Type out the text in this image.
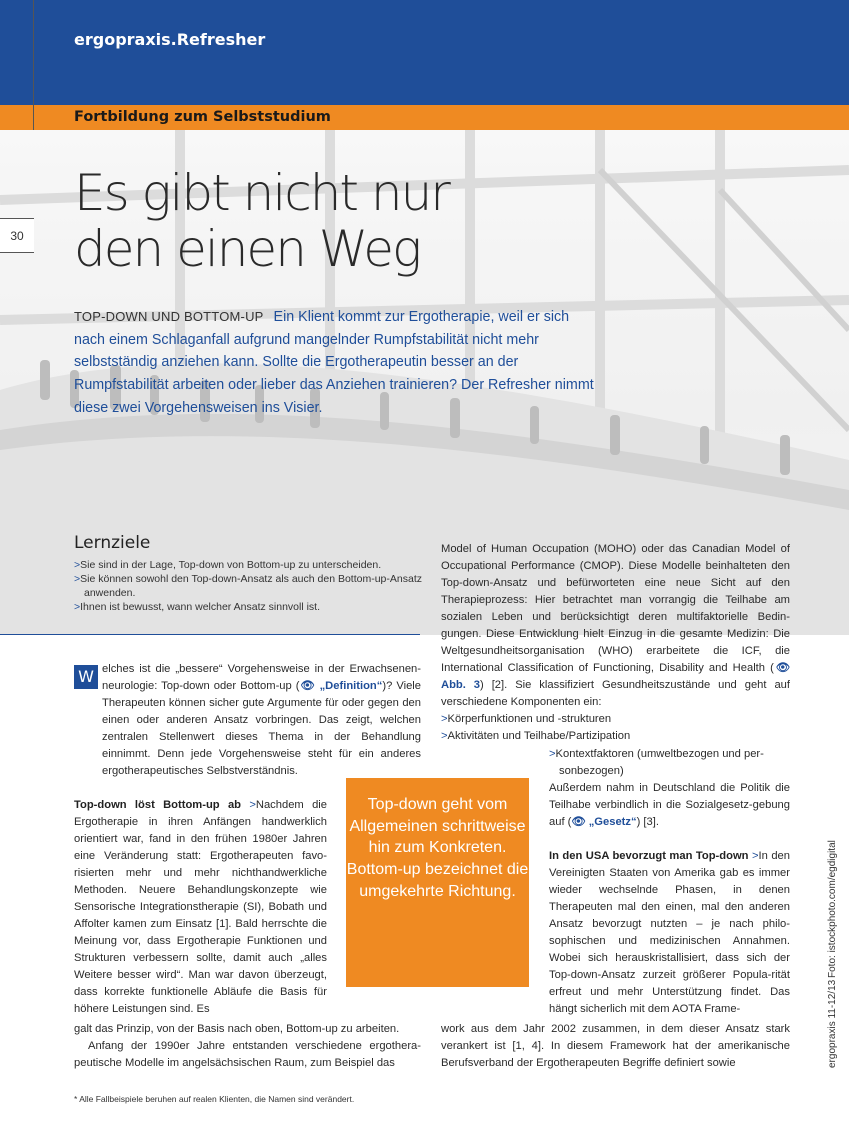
ergopraxis.Refresher
Fortbildung zum Selbststudium
30
Es gibt nicht nur
den einen Weg
TOP-DOWN UND BOTTOM-UP Ein Klient kommt zur Ergotherapie, weil er sich nach einem Schlaganfall aufgrund mangelnder Rumpfstabilität nicht mehr selbstständig anziehen kann. Sollte die Ergotherapeutin besser an der Rumpfstabilität arbeiten oder lieber das Anziehen trainieren? Der Refresher nimmt diese zwei Vorgehensweisen ins Visier.
Lernziele
>Sie sind in der Lage, Top-down von Bottom-up zu unterscheiden.
>Sie können sowohl den Top-down-Ansatz als auch den Bottom-up-Ansatz anwenden.
>Ihnen ist bewusst, wann welcher Ansatz sinnvoll ist.
W elches ist die „bessere“ Vorgehensweise in der Erwachsenen-neurologie: Top-down oder Bottom-up (👁 „Definition“)? Viele Therapeuten können sicher gute Argumente für oder gegen den einen oder anderen Ansatz vorbringen. Das zeigt, welchen zentralen Stellenwert dieses Thema in der Behandlung einnimmt. Denn jede Vorgehensweise steht für ein anderes ergotherapeutisches Selbstverständnis.

Top-down löst Bottom-up ab >Nachdem die Ergotherapie in ihren Anfängen handwerklich orientiert war, fand in den frühen 1980er Jahren eine Veränderung statt: Ergotherapeuten favo-risierten mehr und mehr nichthandwerkliche Methoden. Neuere Behandlungskonzepte wie Sensorische Integrationstherapie (SI), Bobath und Affolter kamen zum Einsatz [1]. Bald herrschte die Meinung vor, dass Ergotherapie Funktionen und Strukturen verbessern sollte, damit auch „alles Weitere besser wird“. Man war davon überzeugt, dass korrekte funktionelle Abläufe die Basis für höhere Leistungen sind. Es

galt das Prinzip, von der Basis nach oben, Bottom-up zu arbeiten.

Anfang der 1990er Jahre entstanden verschiedene ergothera-peutische Modelle im angelsächsischen Raum, zum Beispiel das

Top-down geht vom Allgemeinen schrittweise hin zum Konkreten. Bottom-up bezeichnet die umgekehrte Richtung.

Model of Human Occupation (MOHO) oder das Canadian Model of Occupational Performance (CMOP). Diese Modelle beinhalteten den Top-down-Ansatz und befürworteten eine neue Sicht auf den Therapieprozess: Hier betrachtet man vorrangig die Teilhabe am sozialen Leben und berücksichtigt deren multifaktorielle Bedin-gungen. Diese Entwicklung hielt Einzug in die gesamte Medizin: Die Weltgesundheitsorganisation (WHO) erarbeitete die ICF, die International Classification of Functioning, Disability and Health (👁 Abb. 3) [2]. Sie klassifiziert Gesundheitszustände und geht auf verschiedene Komponenten ein:

>Körperfunktionen und -strukturen

>Aktivitäten und Teilhabe/Partizipation

>Kontextfaktoren (umweltbezogen und per-sonbezogen)

Außerdem nahm in Deutschland die Politik die Teilhabe verbindlich in die Sozialgesetz-gebung auf (👁 „Gesetz“) [3].

In den USA bevorzugt man Top-down >In den Vereinigten Staaten von Amerika gab es immer wieder wechselnde Phasen, in denen Therapeuten mal den einen, mal den anderen Ansatz bevorzugt nutzten – je nach philo-sophischen und medizinischen Annahmen. Wobei sich herauskristallisiert, dass sich der Top-down-Ansatz zurzeit größerer Popula-rität erfreut und mehr Unterstützung findet. Das hängt sicherlich mit dem AOTA Frame-

work aus dem Jahr 2002 zusammen, in dem dieser Ansatz stark verankert ist [1, 4]. In diesem Framework hat der amerikanische Berufsverband der Ergotherapeuten Begriffe definiert sowie	ergopraxis 11-12/13
Foto: istockphoto.com/egdigital
* Alle Fallbeispiele beruhen auf realen Klienten, die Namen sind verändert.
